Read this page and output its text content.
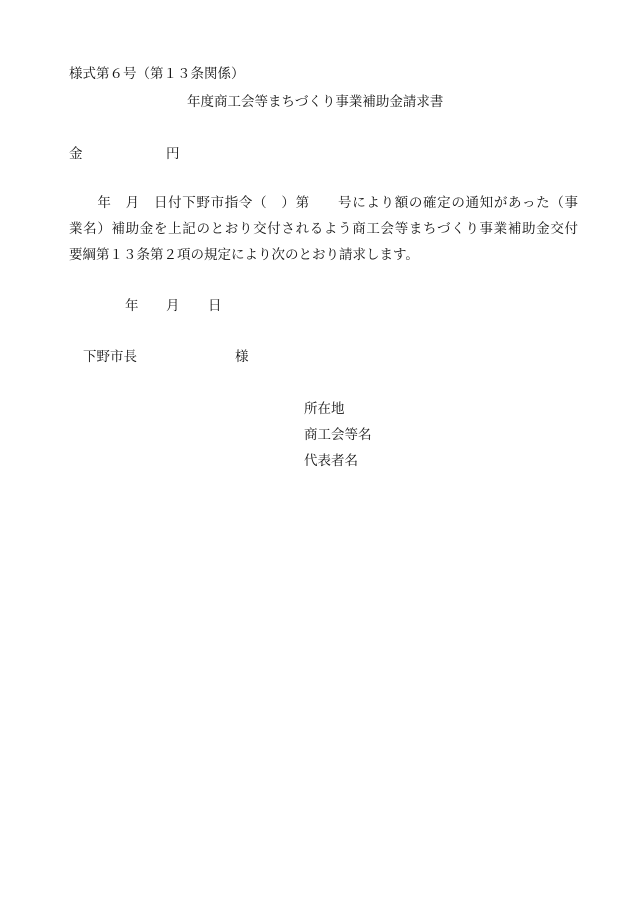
様式第６号（第１３条関係）
年度商工会等まちづくり事業補助金請求書
金	円
　　年　月　日付下野市指令（　）第　　号により額の確定の通知があった（事
業名）補助金を上記のとおり交付されるよう商工会等まちづくり事業補助金交付
要綱第１３条第２項の規定により次のとおり請求します。
年 月 日
下野市長	様
所在地
商工会等名
代表者名
